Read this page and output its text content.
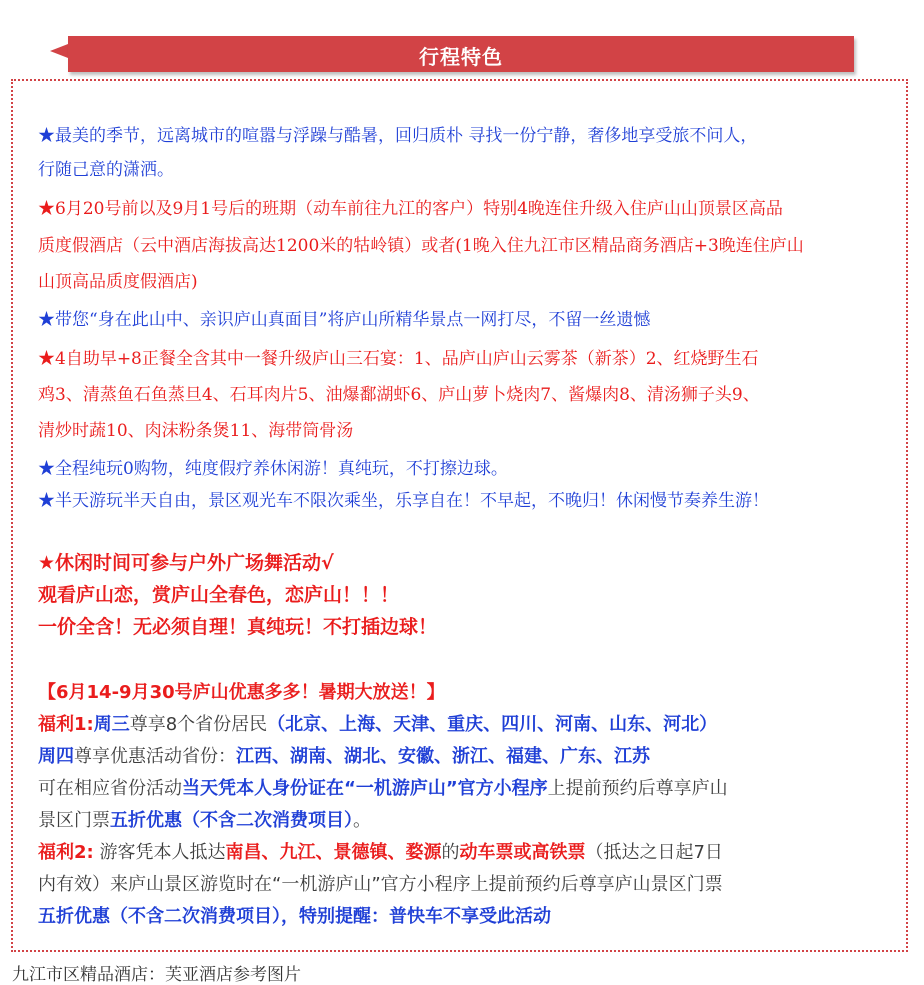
行程特色

★最美的季节，远离城市的喧嚣与浮躁与酷暑，回归质朴 寻找一份宁静，奢侈地享受旅不问人，

行随己意的潇洒。

★6月20号前以及9月1号后的班期（动车前往九江的客户）特别4晚连住升级入住庐山山顶景区高品

质度假酒店（云中酒店海拔高达1200米的牯岭镇）或者(1晚入住九江市区精品商务酒店+3晚连住庐山

山顶高品质度假酒店)

★带您“身在此山中、亲识庐山真面目”将庐山所精华景点一网打尽，不留一丝遗憾

★4自助早+8正餐全含其中一餐升级庐山三石宴：1、品庐山庐山云雾茶（新茶）2、红烧野生石

鸡3、清蒸鱼石鱼蒸旦4、石耳肉片5、油爆鄱湖虾6、庐山萝卜烧肉7、酱爆肉8、清汤狮子头9、

清炒时蔬10、肉沫粉条煲11、海带筒骨汤

★全程纯玩0购物，纯度假疗养休闲游！真纯玩，不打擦边球。

★半天游玩半天自由，景区观光车不限次乘坐，乐享自在！不早起，不晚归！休闲慢节奏养生游！

★休闲时间可参与户外广场舞活动√

观看庐山恋，赏庐山全春色，恋庐山！！！

一价全含！无必须自理！真纯玩！不打插边球！

【6月14-9月30号庐山优惠多多！暑期大放送！】

福利1:周三尊享8个省份居民（北京、上海、天津、重庆、四川、河南、山东、河北）

周四尊享优惠活动省份：江西、湖南、湖北、安徽、浙江、福建、广东、江苏

可在相应省份活动当天凭本人身份证在“一机游庐山”官方小程序上提前预约后尊享庐山

景区门票五折优惠（不含二次消费项目）。

福利2: 游客凭本人抵达南昌、九江、景德镇、婺源的动车票或高铁票（抵达之日起7日

内有效）来庐山景区游览时在“一机游庐山”官方小程序上提前预约后尊享庐山景区门票

五折优惠（不含二次消费项目），特别提醒：普快车不享受此活动

九江市区精品酒店：芙亚酒店参考图片
